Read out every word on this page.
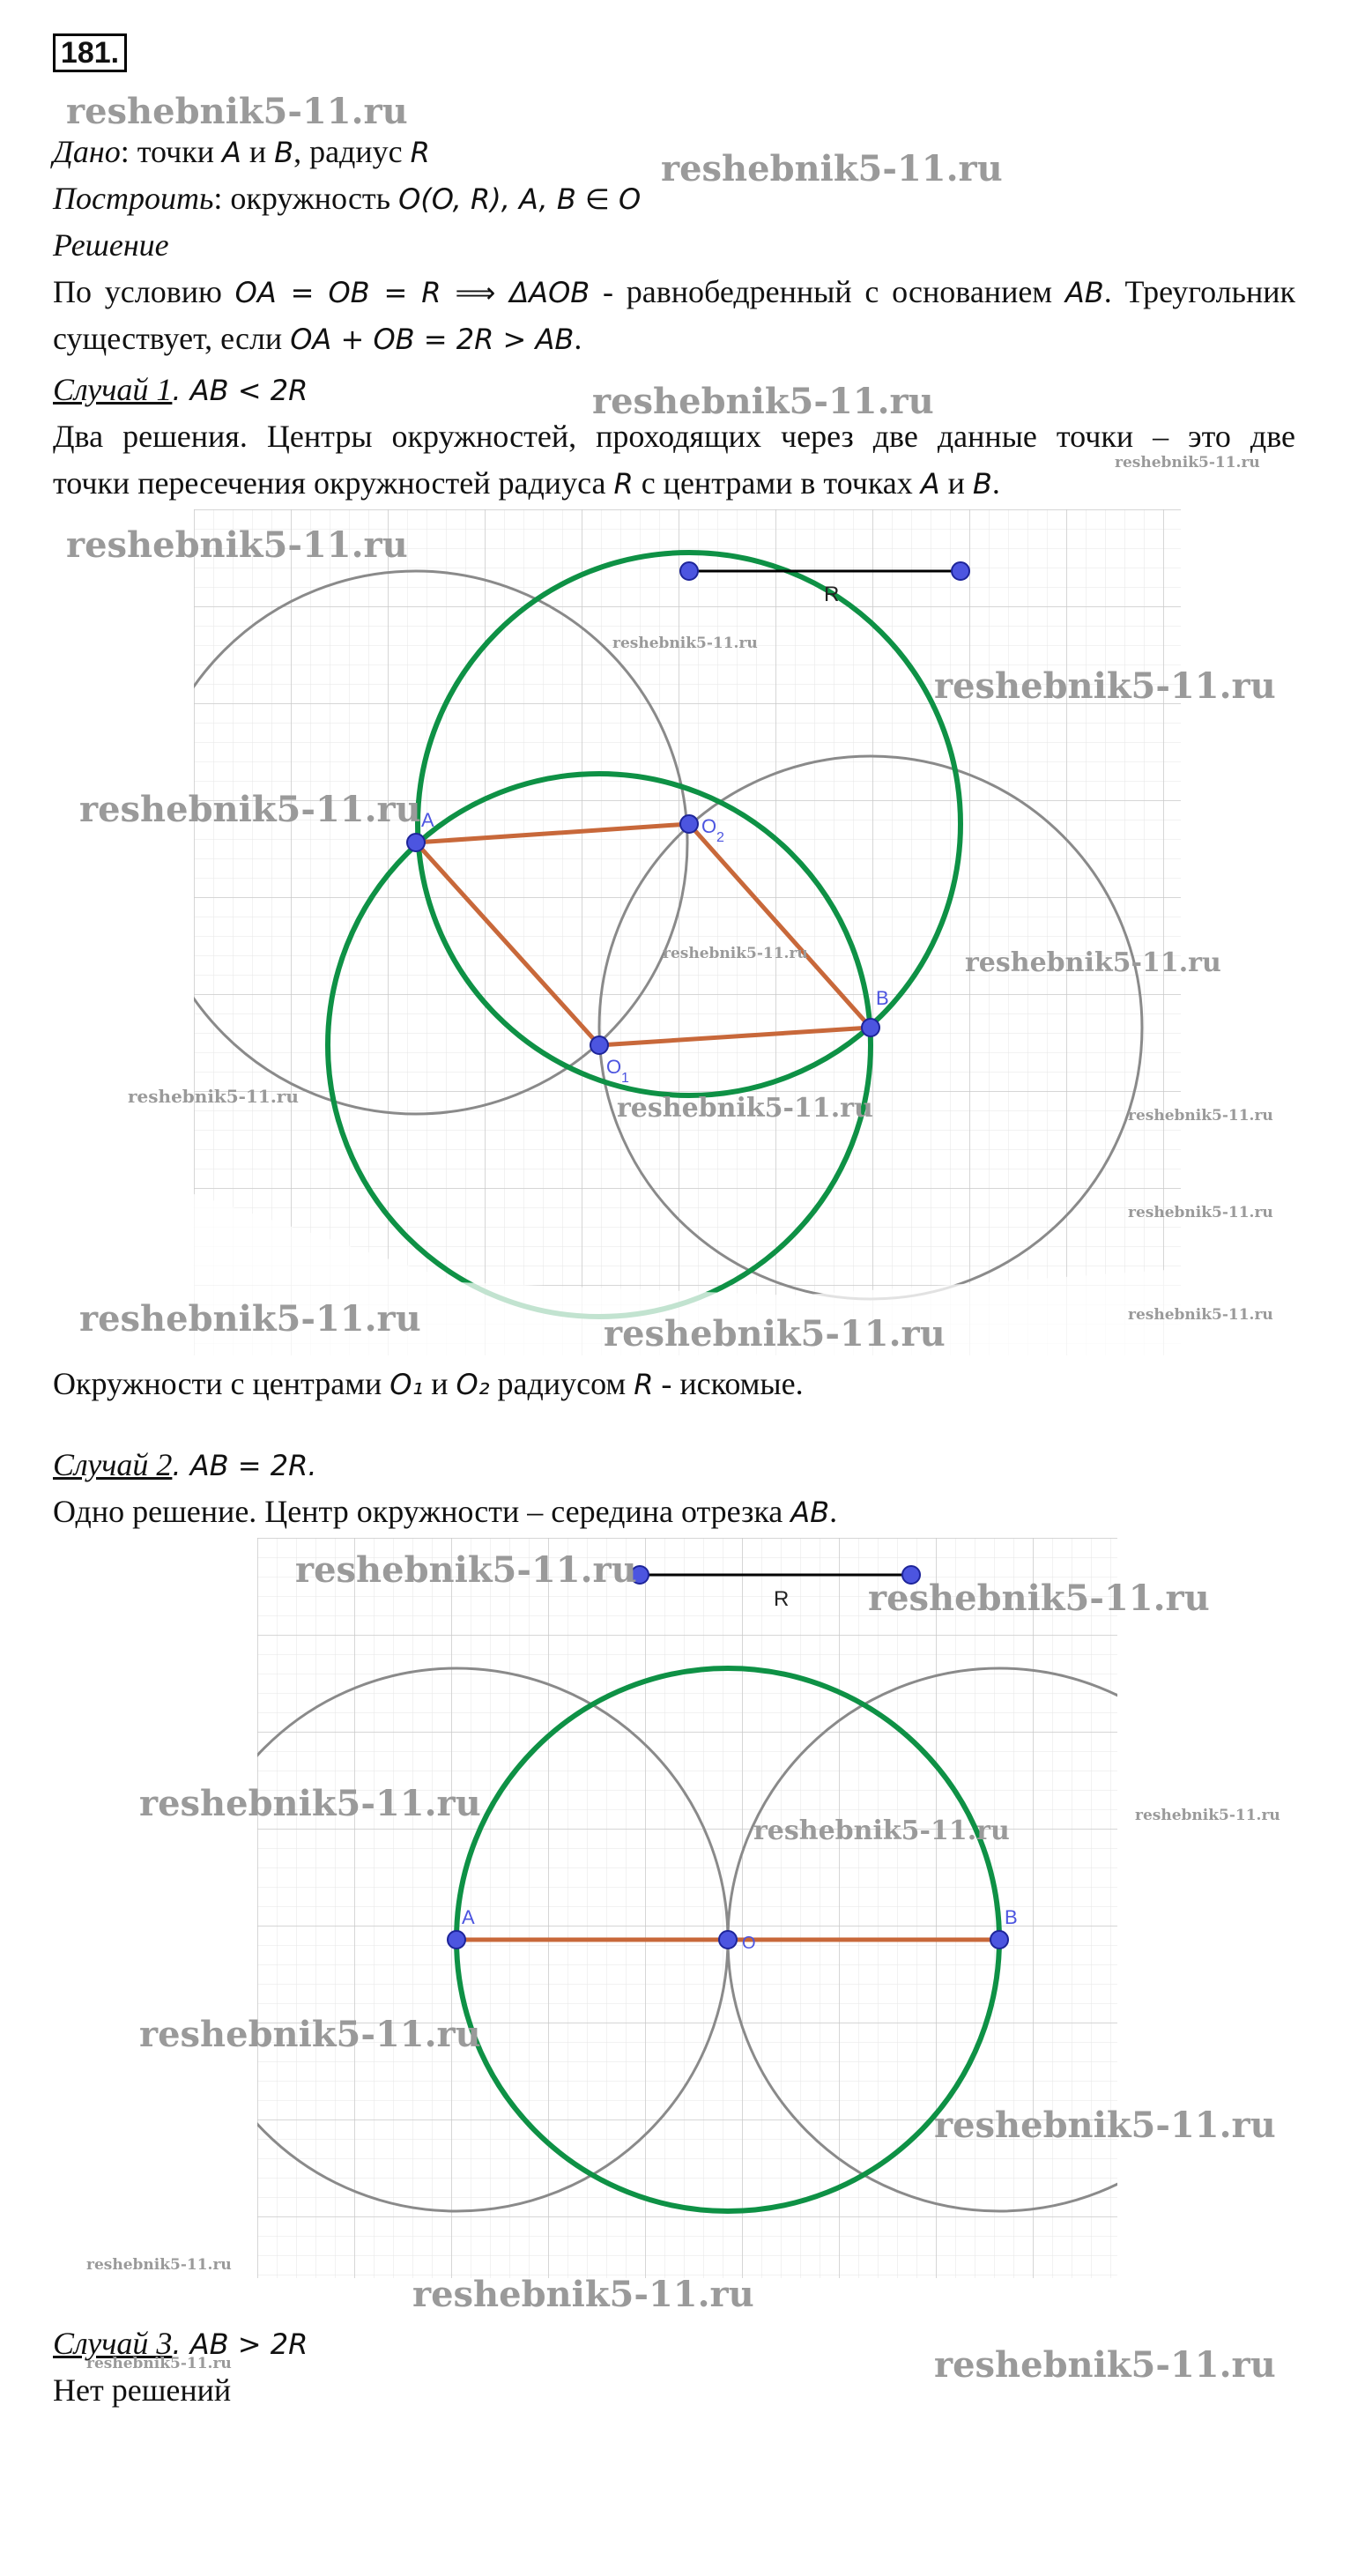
181.
Дано: точки A и B, радиус R
Построить: окружность O(O, R), A, B ∈ O
Решение
По условию OA = OB = R ⟹ ΔAOB - равнобедренный с основанием AB. Треугольник
существует, если OA + OB = 2R > AB.
Случай 1. AB < 2R
Два решения. Центры окружностей, проходящих через две данные точки – это две
точки пересечения окружностей радиуса R с центрами в точках A и B.
R
A	O
2
B
O
1
R
A
O
B
Окружности с центрами O₁ и O₂ радиусом R - искомые.
Случай 2. AB = 2R.
Одно решение. Центр окружности – середина отрезка AB.
Случай 3. AB > 2R
Нет решений
reshebnik5-11.ru
reshebnik5-11.ru
reshebnik5-11.ru
reshebnik5-11.ru
reshebnik5-11.ru
reshebnik5-11.ru
reshebnik5-11.ru
reshebnik5-11.ru
reshebnik5-11.ru	reshebnik5-11.ru
reshebnik5-11.ru	reshebnik5-11.ru	reshebnik5-11.ru
reshebnik5-11.ru
reshebnik5-11.ru	reshebnik5-11.ru
reshebnik5-11.ru
reshebnik5-11.ru
reshebnik5-11.ru
reshebnik5-11.ru	reshebnik5-11.ru
reshebnik5-11.ru
reshebnik5-11.ru
reshebnik5-11.ru
reshebnik5-11.ru
reshebnik5-11.ru
reshebnik5-11.ru	reshebnik5-11.ru
